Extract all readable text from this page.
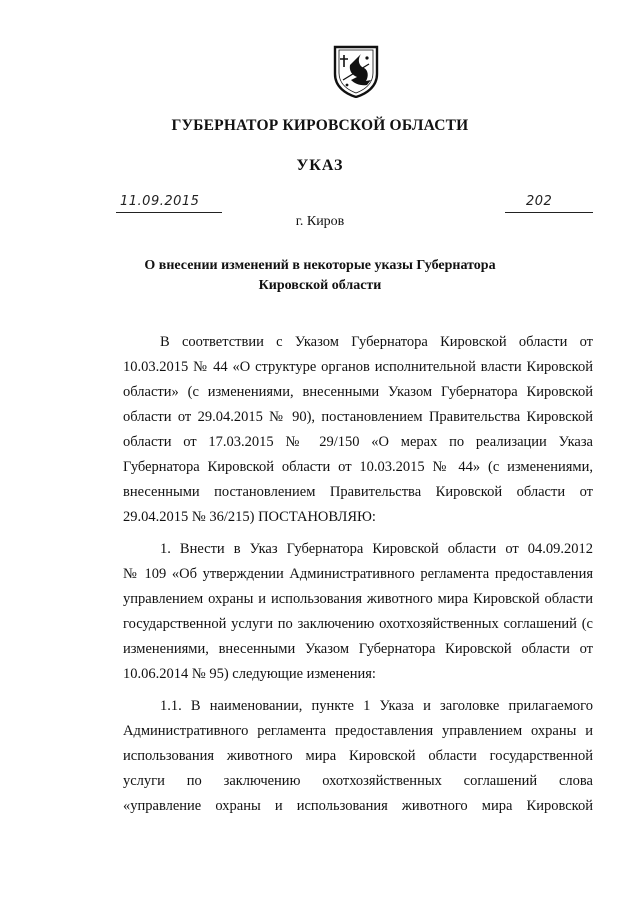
ГУБЕРНАТОР КИРОВСКОЙ ОБЛАСТИ
УКАЗ
11.09.2015	202
г. Киров
О внесении изменений в некоторые указы Губернатора
Кировской области
В соответствии с Указом Губернатора Кировской области от
10.03.2015 № 44 «О структуре органов исполнительной власти Кировской
области» (с изменениями, внесенными Указом Губернатора Кировской
области от 29.04.2015 № 90), постановлением Правительства Кировской
области от 17.03.2015 № 29/150 «О мерах по реализации Указа
Губернатора Кировской области от 10.03.2015 № 44» (с изменениями,
внесенными постановлением Правительства Кировской области от
29.04.2015 № 36/215) ПОСТАНОВЛЯЮ:
1. Внести в Указ Губернатора Кировской области от 04.09.2012
№ 109 «Об утверждении Административного регламента предоставления
управлением охраны и использования животного мира Кировской области
государственной услуги по заключению охотхозяйственных соглашений (с
изменениями, внесенными Указом Губернатора Кировской области от
10.06.2014 № 95) следующие изменения:
1.1. В наименовании, пункте 1 Указа и заголовке прилагаемого
Административного регламента предоставления управлением охраны и
использования животного мира Кировской области государственной
услуги по заключению охотхозяйственных соглашений слова
«управление охраны и использования животного мира Кировской
